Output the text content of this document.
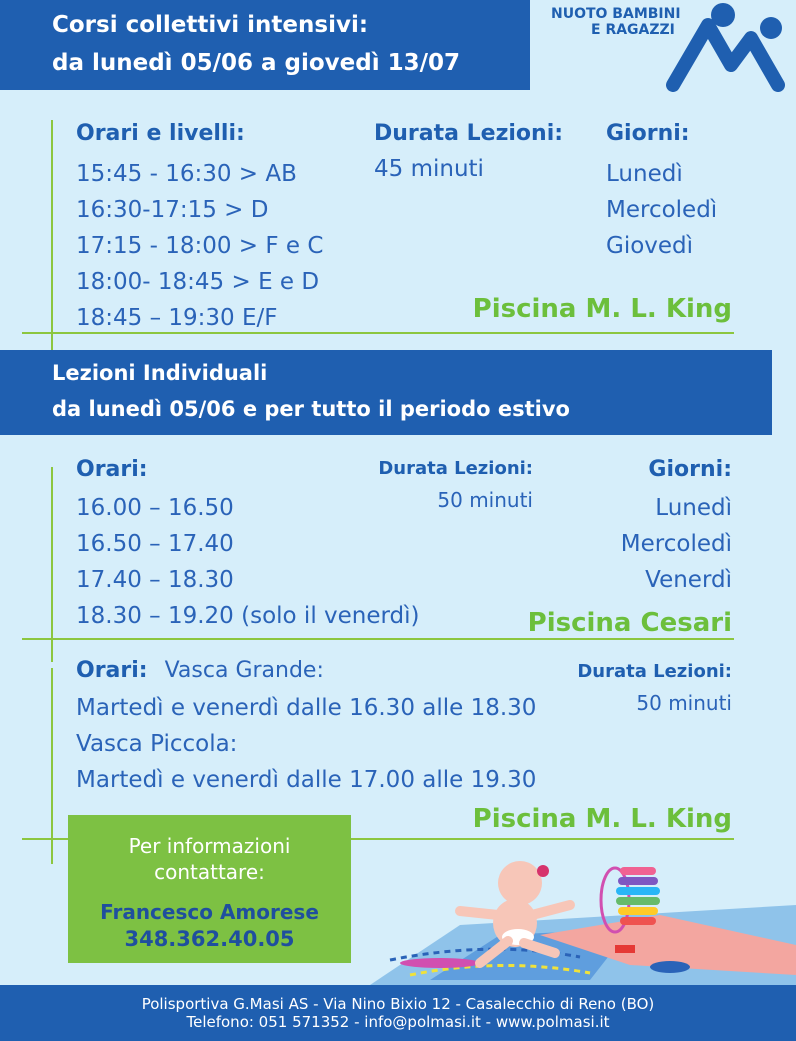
Corsi collettivi intensivi:
da lunedì 05/06 a giovedì 13/07
NUOTO BAMBINI
E RAGAZZI
Orari e livelli:
15:45 - 16:30 > AB
16:30-17:15 > D
17:15 - 18:00 > F e C
18:00- 18:45 > E e D
18:45 – 19:30 E/F
Durata Lezioni:
45 minuti
Giorni:
Lunedì
Mercoledì
Giovedì
Piscina M. L. King
Lezioni Individuali
da lunedì 05/06 e per tutto il periodo estivo
Orari:
16.00 – 16.50
16.50 – 17.40
17.40 – 18.30
18.30 – 19.20 (solo il venerdì)
Durata Lezioni:
50 minuti
Giorni:
Lunedì
Mercoledì
Venerdì
Piscina Cesari
Orari: Vasca Grande:
Martedì e venerdì dalle 16.30 alle 18.30
Vasca Piccola:
Martedì e venerdì dalle 17.00 alle 19.30
Durata Lezioni:
50 minuti
Piscina M. L. King
Per informazioni
contattare:
Francesco Amorese
348.362.40.05
Polisportiva G.Masi AS - Via Nino Bixio 12 - Casalecchio di Reno (BO)
Telefono: 051 571352 - info@polmasi.it - www.polmasi.it
